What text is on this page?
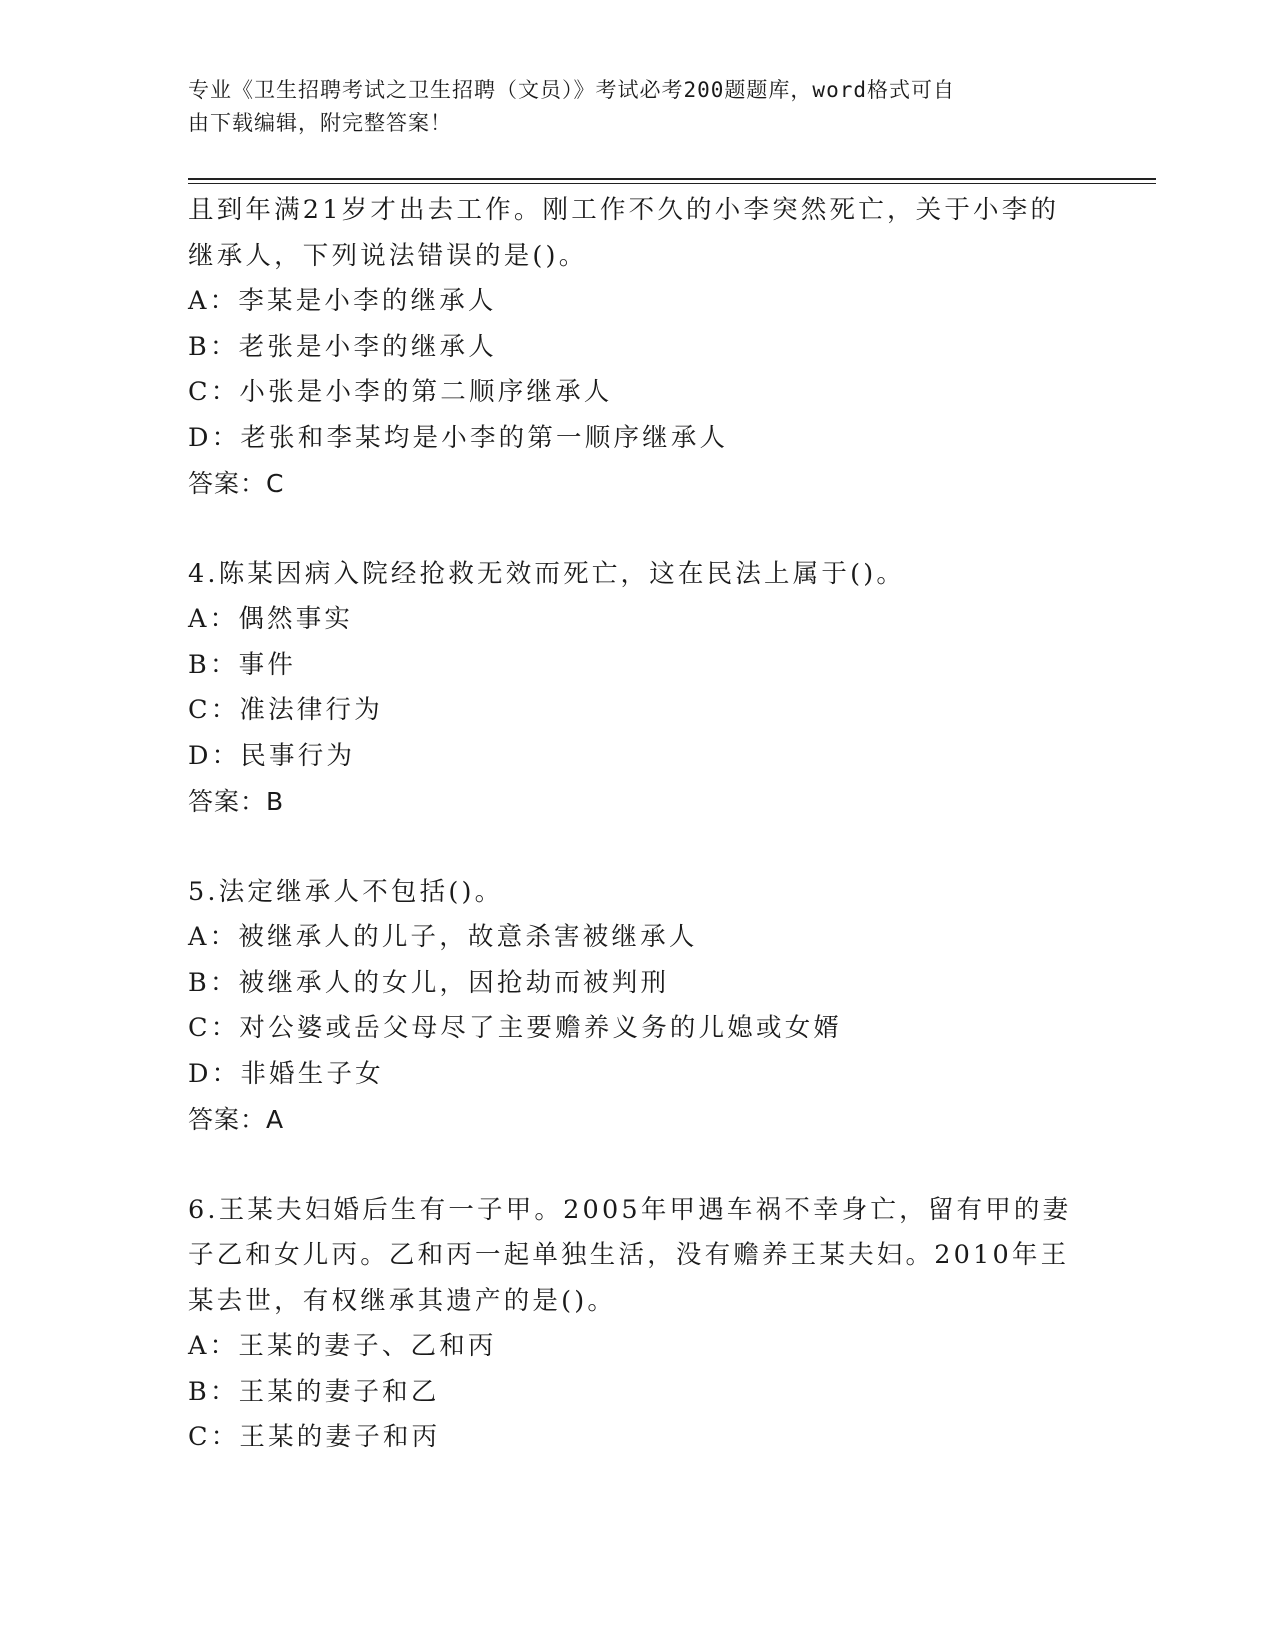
专业《卫生招聘考试之卫生招聘（文员）》考试必考200题题库，word格式可自
由下载编辑，附完整答案！
且到年满21岁才出去工作。刚工作不久的小李突然死亡，关于小李的
继承人，下列说法错误的是()。
A：李某是小李的继承人
B：老张是小李的继承人
C：小张是小李的第二顺序继承人
D：老张和李某均是小李的第一顺序继承人
答案：C
4.陈某因病入院经抢救无效而死亡，这在民法上属于()。
A：偶然事实
B：事件
C：准法律行为
D：民事行为
答案：B
5.法定继承人不包括()。
A：被继承人的儿子，故意杀害被继承人
B：被继承人的女儿，因抢劫而被判刑
C：对公婆或岳父母尽了主要赡养义务的儿媳或女婿
D：非婚生子女
答案：A
6.王某夫妇婚后生有一子甲。2005年甲遇车祸不幸身亡，留有甲的妻
子乙和女儿丙。乙和丙一起单独生活，没有赡养王某夫妇。2010年王
某去世，有权继承其遗产的是()。
A：王某的妻子、乙和丙
B：王某的妻子和乙
C：王某的妻子和丙
